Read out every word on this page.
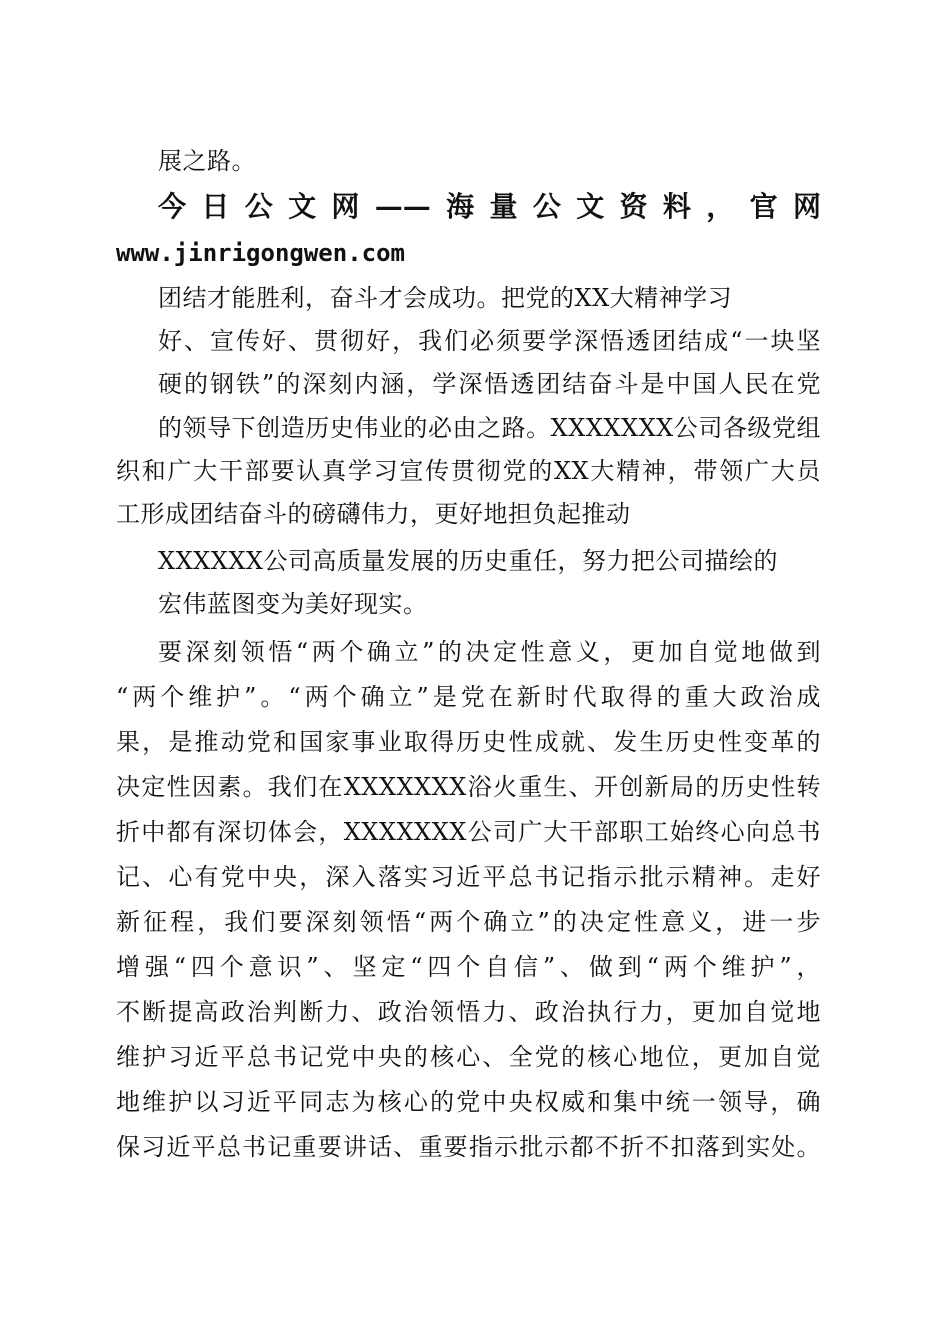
展之路。
今日公文网——海量公文资料，官网
www.jinrigongwen.com
团结才能胜利，奋斗才会成功。把党的XX大精神学习
好、宣传好、贯彻好，我们必须要学深悟透团结成“一块坚
硬的钢铁”的深刻内涵，学深悟透团结奋斗是中国人民在党
的领导下创造历史伟业的必由之路。XXXXXXX公司各级党组
织和广大干部要认真学习宣传贯彻党的XX大精神，带领广大员
工形成团结奋斗的磅礴伟力，更好地担负起推动
XXXXXX公司高质量发展的历史重任，努力把公司描绘的
宏伟蓝图变为美好现实。
要深刻领悟“两个确立”的决定性意义，更加自觉地做到
“两个维护”。“两个确立”是党在新时代取得的重大政治成
果，是推动党和国家事业取得历史性成就、发生历史性变革的
决定性因素。我们在XXXXXXX浴火重生、开创新局的历史性转
折中都有深切体会，XXXXXXX公司广大干部职工始终心向总书
记、心有党中央，深入落实习近平总书记指示批示精神。走好
新征程，我们要深刻领悟“两个确立”的决定性意义，进一步
增强“四个意识”、坚定“四个自信”、做到“两个维护”，
不断提高政治判断力、政治领悟力、政治执行力，更加自觉地
维护习近平总书记党中央的核心、全党的核心地位，更加自觉
地维护以习近平同志为核心的党中央权威和集中统一领导，确
保习近平总书记重要讲话、重要指示批示都不折不扣落到实处。
